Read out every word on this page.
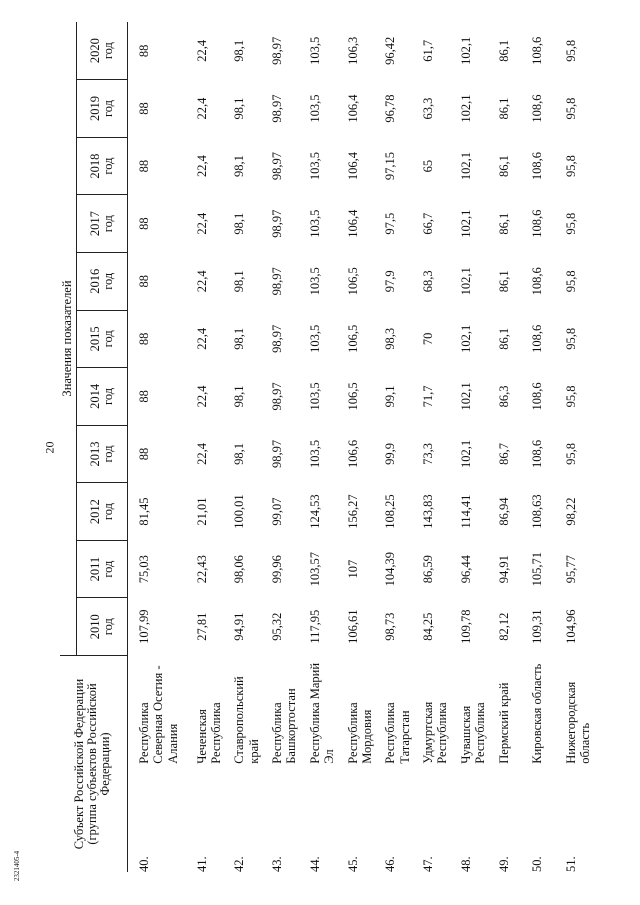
20
2321405-4
Субъект Российской Федерации (группа субъектов Российской Федерации)		Значения показателей										

		2010 год	2011 год	2012 год	2013 год	2014 год	2015 год	2016 год	2017 год	2018 год	2019 год	2020 год

40.	Республика Северная Осетия - Алания	107,99	75,03	81,45	88	88	88	88	88	88	88	88
41.	Чеченская Республика	27,81	22,43	21,01	22,4	22,4	22,4	22,4	22,4	22,4	22,4	22,4
42.	Ставропольский край	94,91	98,06	100,01	98,1	98,1	98,1	98,1	98,1	98,1	98,1	98,1
43.	Республика Башкортостан	95,32	99,96	99,07	98,97	98,97	98,97	98,97	98,97	98,97	98,97	98,97
44.	Республика Марий Эл	117,95	103,57	124,53	103,5	103,5	103,5	103,5	103,5	103,5	103,5	103,5
45.	Республика Мордовия	106,61	107	156,27	106,6	106,5	106,5	106,5	106,4	106,4	106,4	106,3
46.	Республика Татарстан	98,73	104,39	108,25	99,9	99,1	98,3	97,9	97,5	97,15	96,78	96,42
47.	Удмуртская Республика	84,25	86,59	143,83	73,3	71,7	70	68,3	66,7	65	63,3	61,7
48.	Чувашская Республика	109,78	96,44	114,41	102,1	102,1	102,1	102,1	102,1	102,1	102,1	102,1
49.	Пермский край	82,12	94,91	86,94	86,7	86,3	86,1	86,1	86,1	86,1	86,1	86,1
50.	Кировская область	109,31	105,71	108,63	108,6	108,6	108,6	108,6	108,6	108,6	108,6	108,6
51.	Нижегородская область	104,96	95,77	98,22	95,8	95,8	95,8	95,8	95,8	95,8	95,8	95,8
